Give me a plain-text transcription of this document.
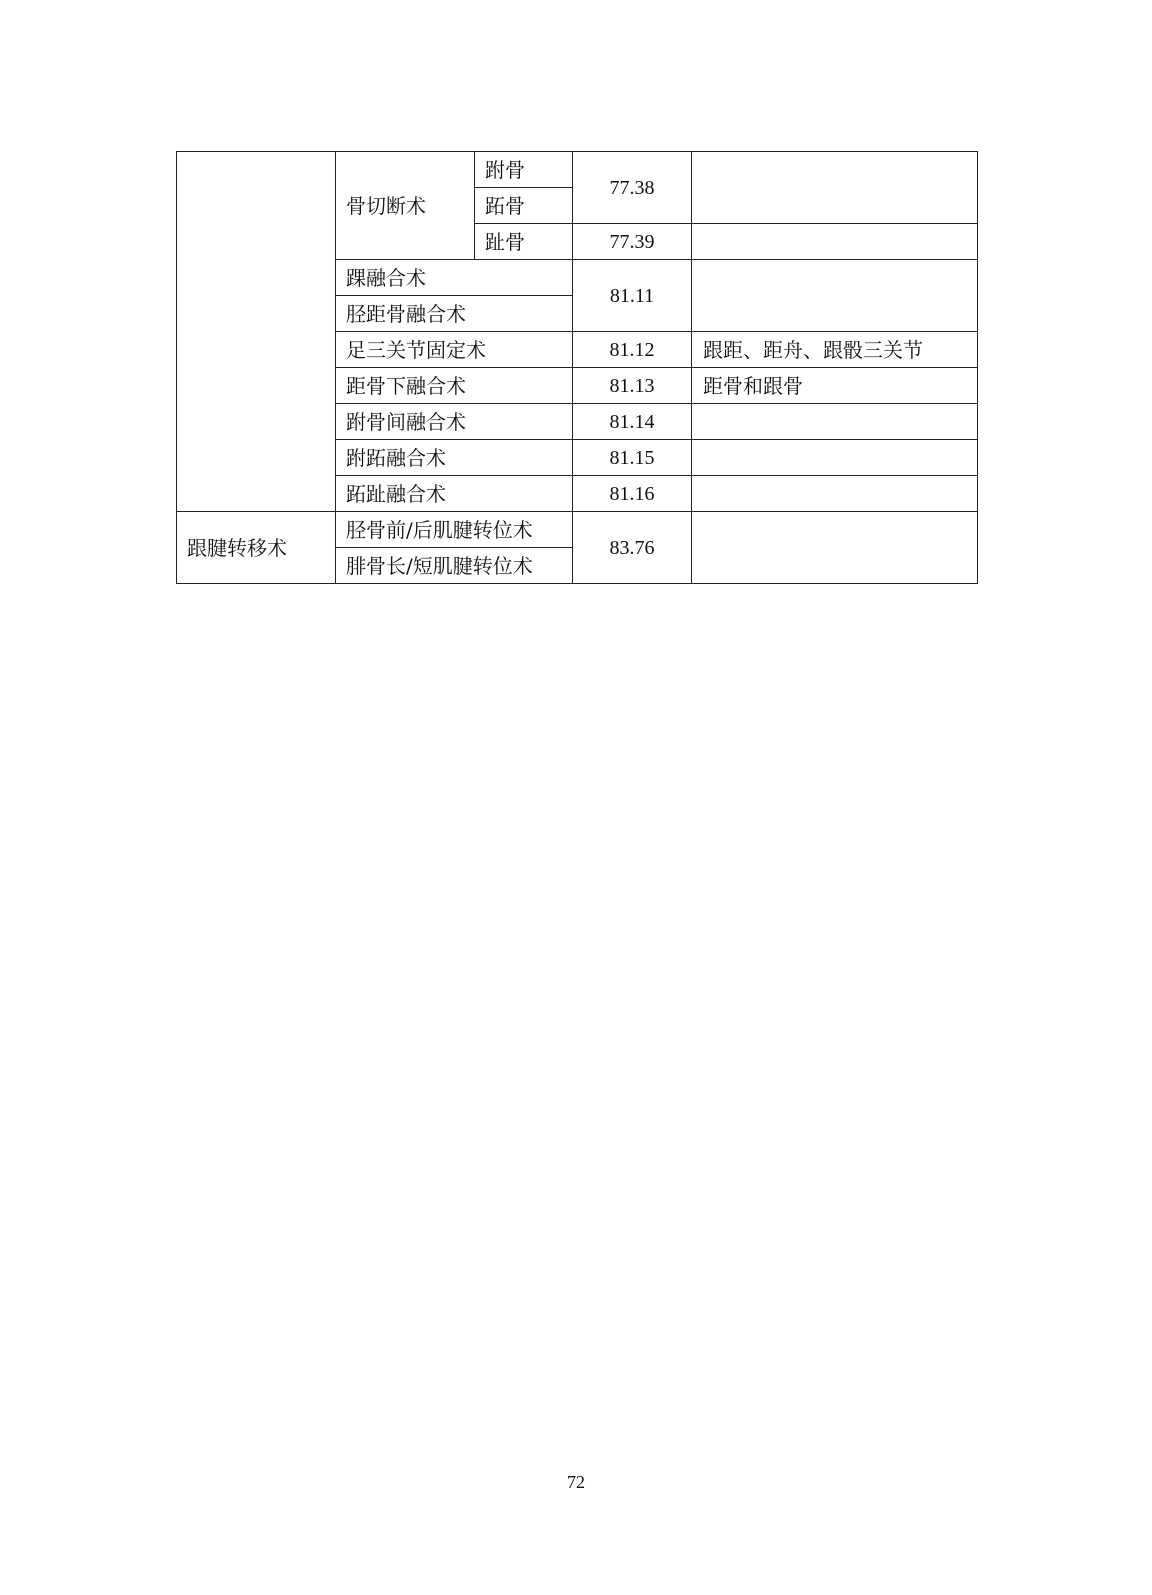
	骨切断术	跗骨	77.38	
		跖骨		
		趾骨	77.39	
	踝融合术		81.11	
	胫距骨融合术			
	足三关节固定术		81.12	跟距、距舟、跟骰三关节
	距骨下融合术		81.13	距骨和跟骨
	跗骨间融合术		81.14	
	跗跖融合术		81.15	
	跖趾融合术		81.16	
跟腱转移术	胫骨前/后肌腱转位术		83.76	
	腓骨长/短肌腱转位术			
72
